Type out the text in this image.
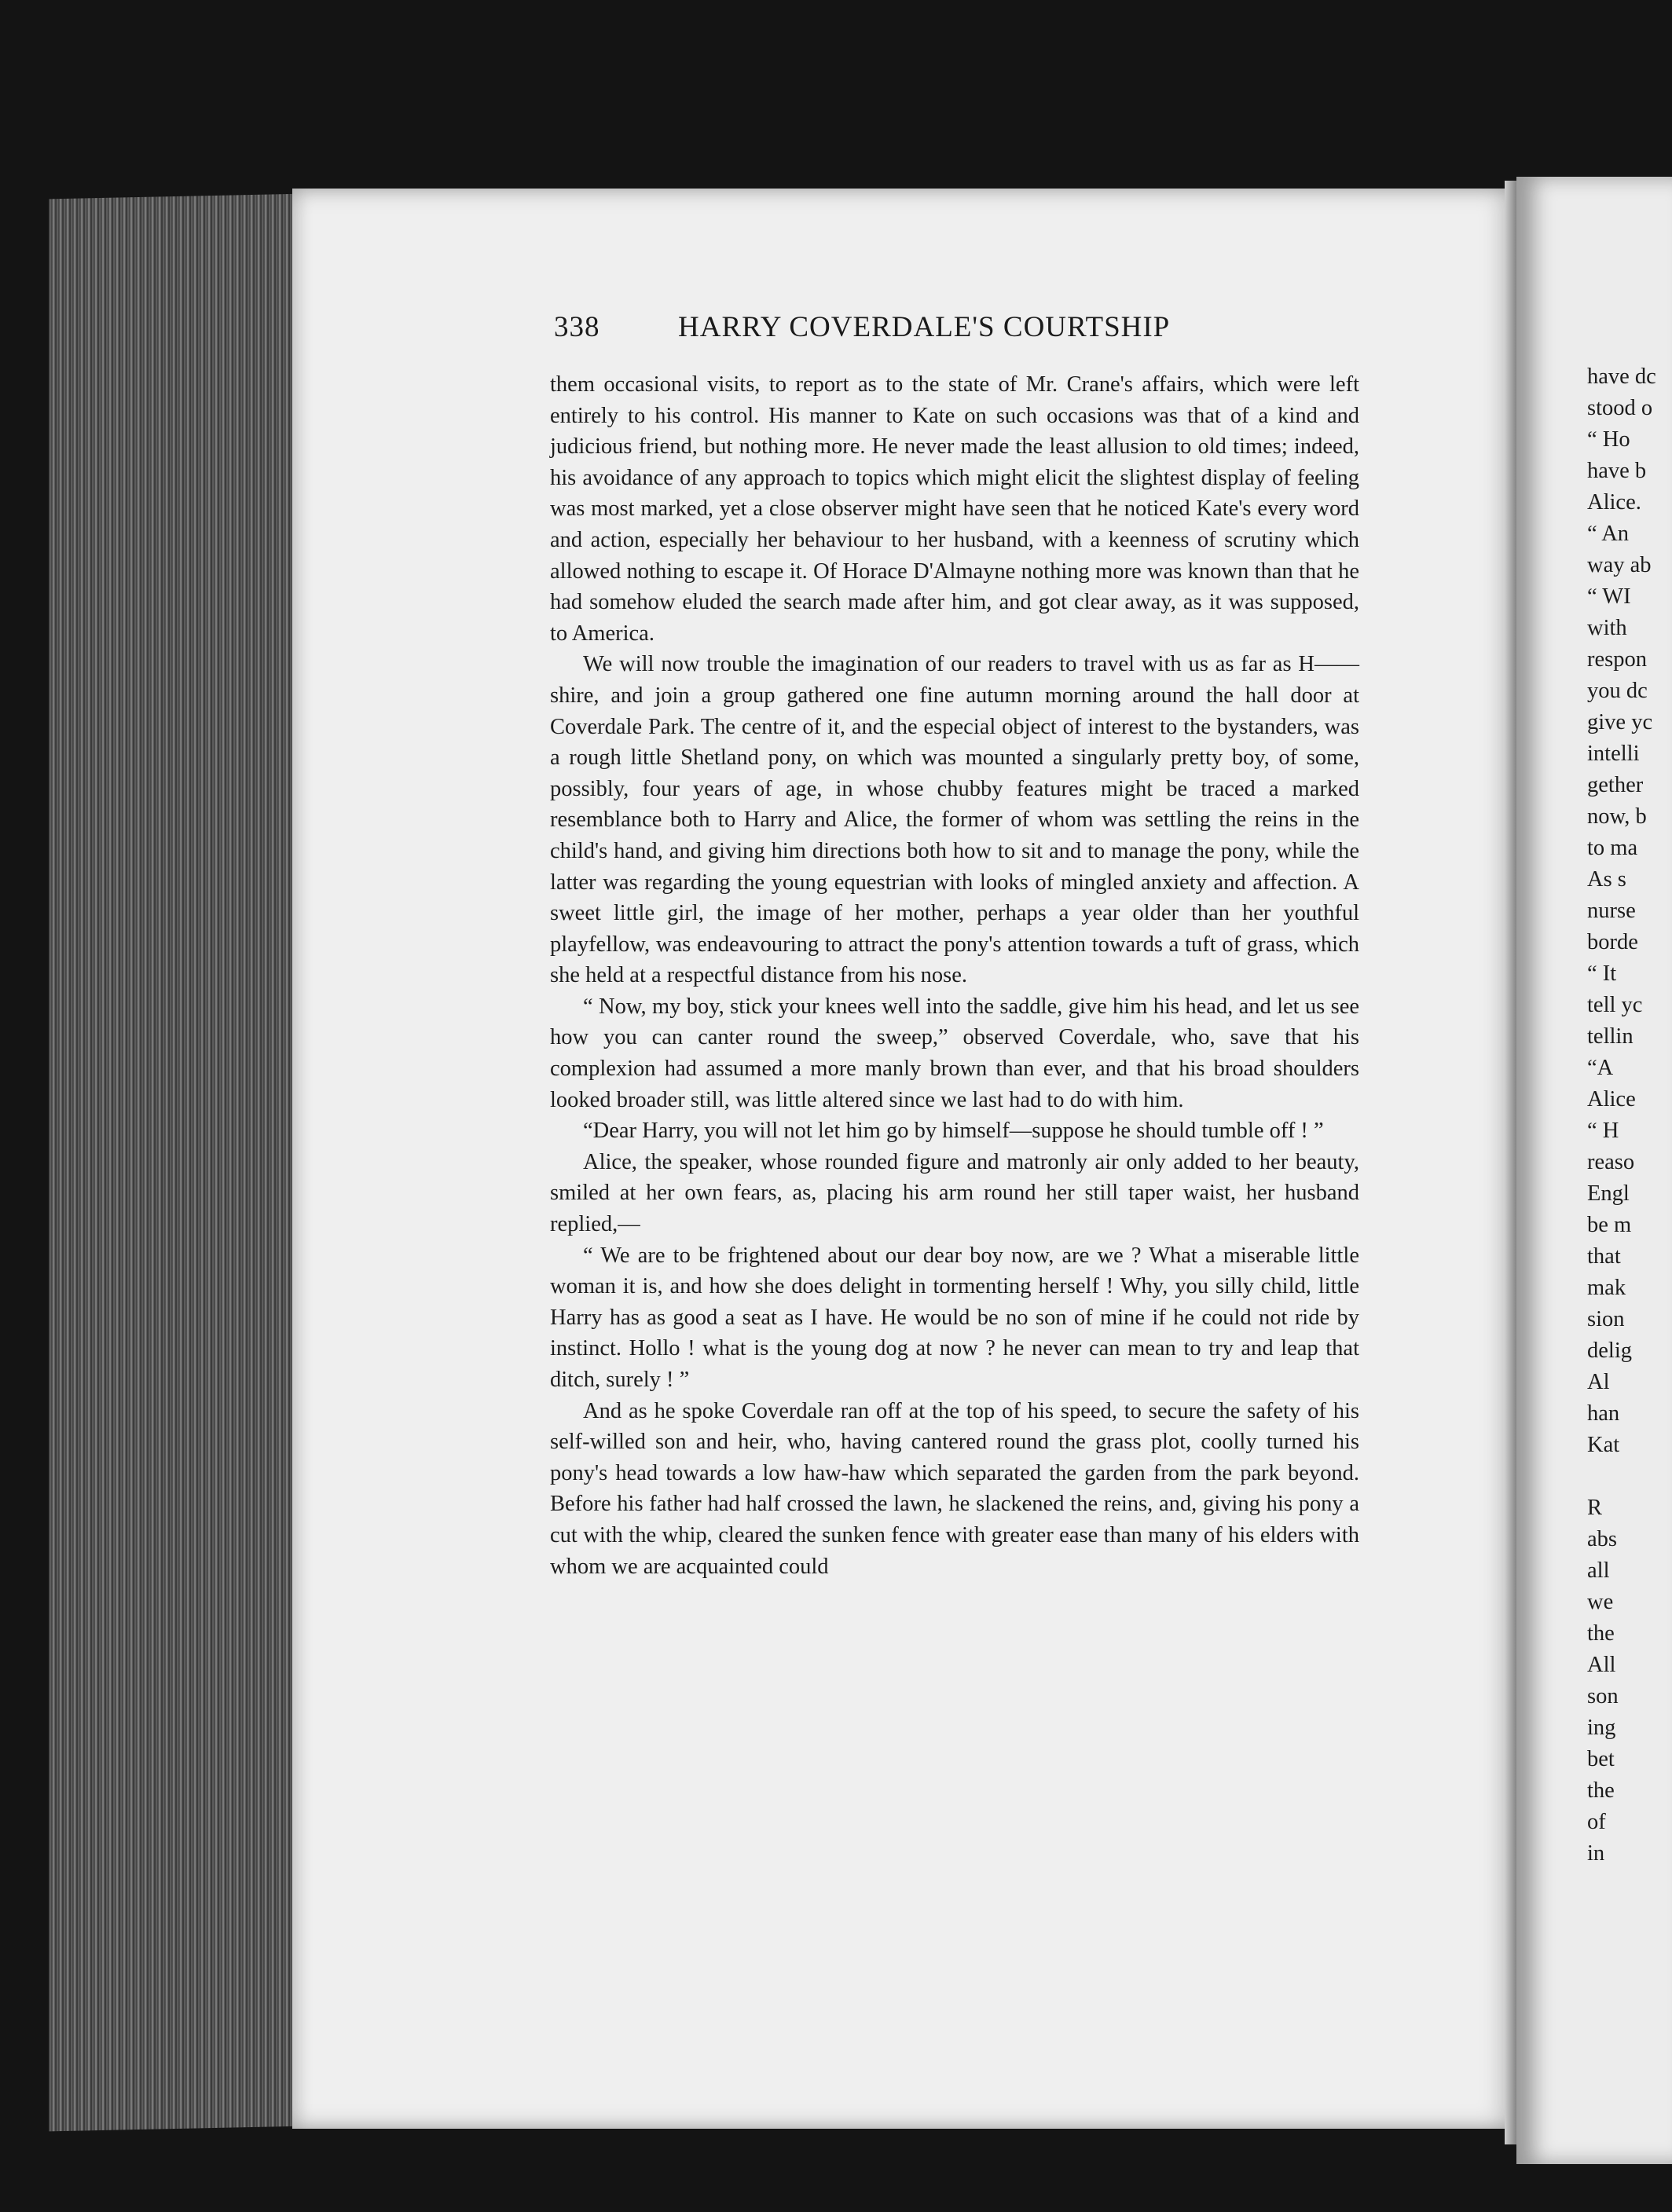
338	HARRY COVERDALE'S COURTSHIP

them occasional visits, to report as to the state of Mr. Crane's affairs, which were left entirely to his control. His manner to Kate on such occasions was that of a kind and judicious friend, but nothing more. He never made the least allusion to old times; indeed, his avoidance of any approach to topics which might elicit the slightest display of feeling was most marked, yet a close observer might have seen that he noticed Kate's every word and action, especially her behaviour to her husband, with a keenness of scrutiny which allowed nothing to escape it. Of Horace D'Almayne nothing more was known than that he had somehow eluded the search made after him, and got clear away, as it was supposed, to America.

We will now trouble the imagination of our readers to travel with us as far as H——shire, and join a group gathered one fine autumn morning around the hall door at Coverdale Park. The centre of it, and the especial object of interest to the bystanders, was a rough little Shetland pony, on which was mounted a singularly pretty boy, of some, possibly, four years of age, in whose chubby features might be traced a marked resemblance both to Harry and Alice, the former of whom was settling the reins in the child's hand, and giving him directions both how to sit and to manage the pony, while the latter was regarding the young equestrian with looks of mingled anxiety and affection. A sweet little girl, the image of her mother, perhaps a year older than her youthful playfellow, was endeavouring to attract the pony's attention towards a tuft of grass, which she held at a respectful distance from his nose.

“ Now, my boy, stick your knees well into the saddle, give him his head, and let us see how you can canter round the sweep,” observed Coverdale, who, save that his complexion had assumed a more manly brown than ever, and that his broad shoulders looked broader still, was little altered since we last had to do with him.

“Dear Harry, you will not let him go by himself—suppose he should tumble off ! ”

Alice, the speaker, whose rounded figure and matronly air only added to her beauty, smiled at her own fears, as, placing his arm round her still taper waist, her husband replied,—

“ We are to be frightened about our dear boy now, are we ? What a miserable little woman it is, and how she does delight in tormenting herself ! Why, you silly child, little Harry has as good a seat as I have. He would be no son of mine if he could not ride by instinct. Hollo ! what is the young dog at now ? he never can mean to try and leap that ditch, surely ! ”

And as he spoke Coverdale ran off at the top of his speed, to secure the safety of his self-willed son and heir, who, having cantered round the grass plot, coolly turned his pony's head towards a low haw-haw which separated the garden from the park beyond. Before his father had half crossed the lawn, he slackened the reins, and, giving his pony a cut with the whip, cleared the sunken fence with greater ease than many of his elders with whom we are acquainted could

have dc
stood o
“ Ho
have b
Alice.
“ An
way ab
“ WI
with
respon
you dc
give yc
intelli
gether
now, b
to ma
As s
nurse
borde
“ It
tell yc
tellin
“A
Alice
“ H
reaso
Engl
be m
that
mak
sion
delig
Al
han
Kat
R
abs
all
we
the
All
son
ing
bet
the
of
in
